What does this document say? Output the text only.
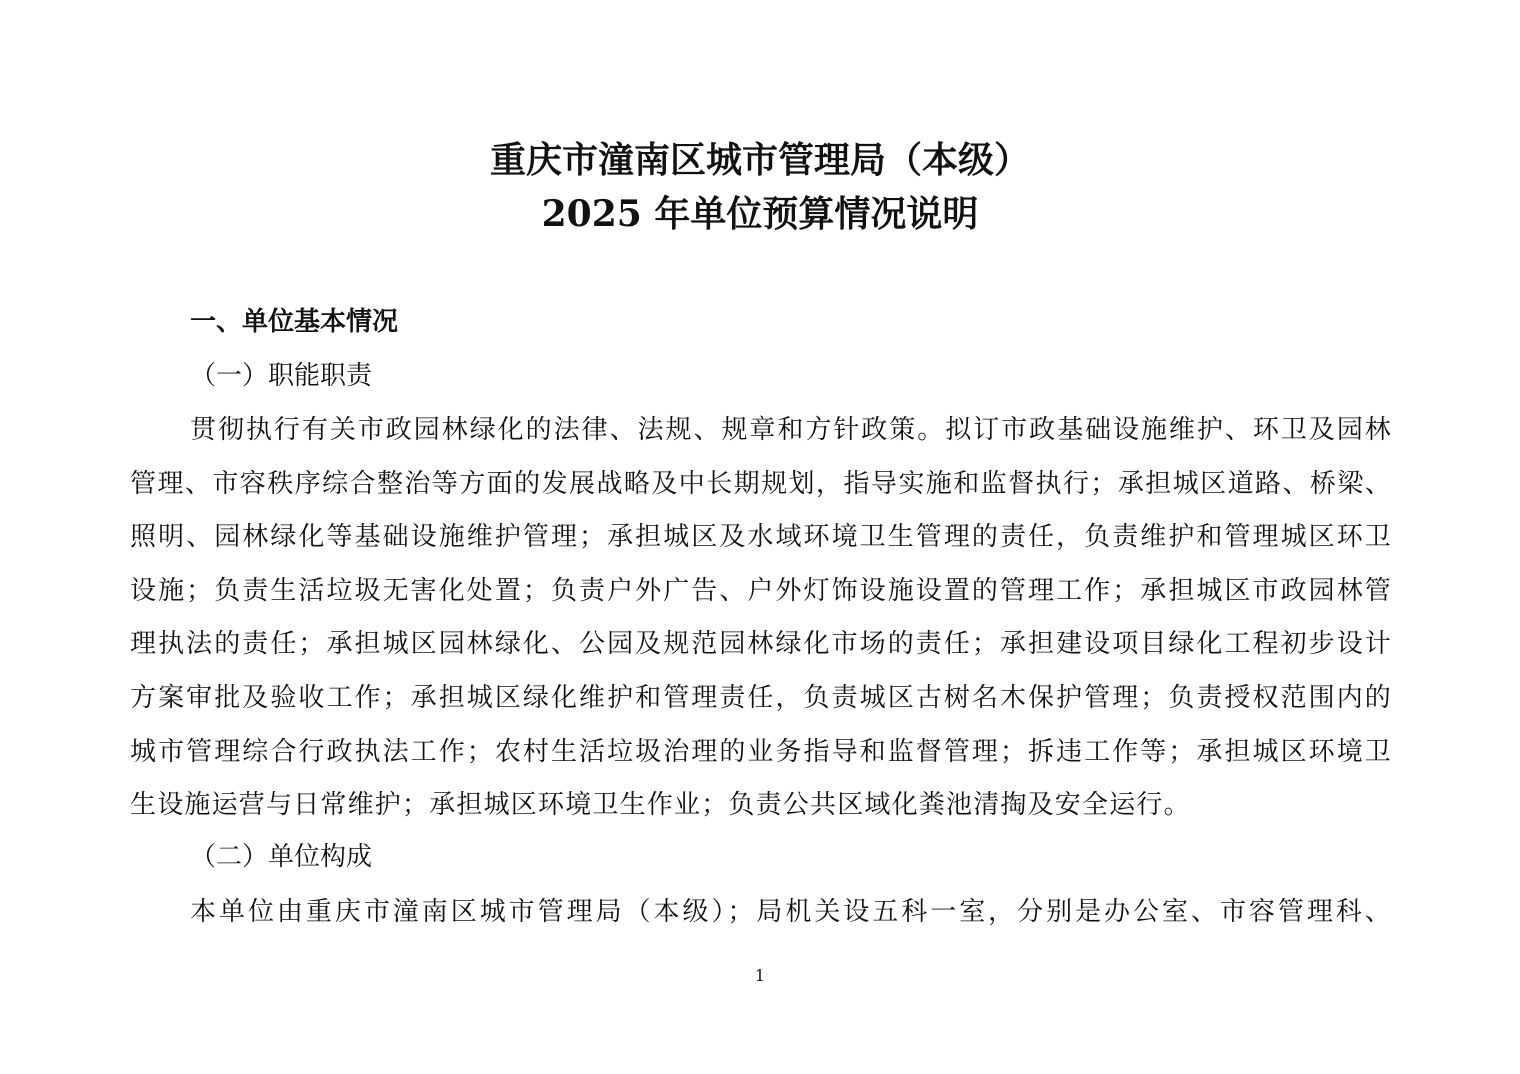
重庆市潼南区城市管理局（本级）
2025 年单位预算情况说明
一、单位基本情况
（一）职能职责
贯彻执行有关市政园林绿化的法律、法规、规章和方针政策。拟订市政基础设施维护、环卫及园林
管理、市容秩序综合整治等方面的发展战略及中长期规划，指导实施和监督执行；承担城区道路、桥梁、
照明、园林绿化等基础设施维护管理；承担城区及水域环境卫生管理的责任，负责维护和管理城区环卫
设施；负责生活垃圾无害化处置；负责户外广告、户外灯饰设施设置的管理工作；承担城区市政园林管
理执法的责任；承担城区园林绿化、公园及规范园林绿化市场的责任；承担建设项目绿化工程初步设计
方案审批及验收工作；承担城区绿化维护和管理责任，负责城区古树名木保护管理；负责授权范围内的
城市管理综合行政执法工作；农村生活垃圾治理的业务指导和监督管理；拆违工作等；承担城区环境卫
生设施运营与日常维护；承担城区环境卫生作业；负责公共区域化粪池清掏及安全运行。
（二）单位构成
本单位由重庆市潼南区城市管理局（本级）；局机关设五科一室，分别是办公室、市容管理科、
1
